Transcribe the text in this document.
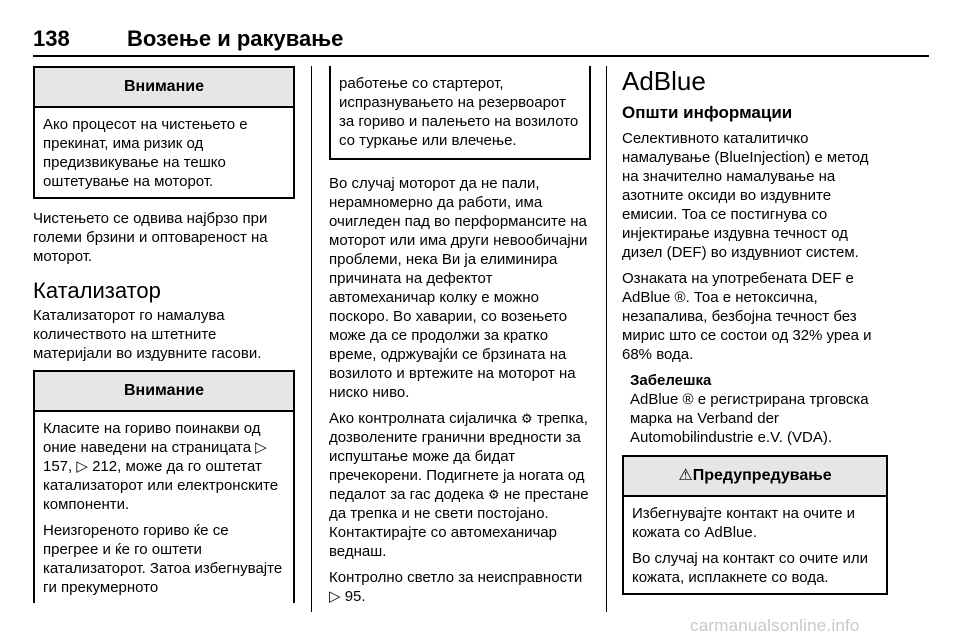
138	Возење и ракување
Внимание

Ако процесот на чистењето е прекинат, има ризик од предизвикување на тешко оштетување на моторот.

Чистењето се одвива најбрзо при големи брзини и оптовареност на моторот.

Катализатор

Катализаторот го намалува количеството на штетните материјали во издувните гасови.

Внимание

Класите на гориво поинакви од оние наведени на страницата ▷ 157, ▷ 212, може да го оштетат катализаторот или електронските компоненти.

Неизгореното гориво ќе се прегрее и ќе го оштети катализаторот. Затоа избегнувајте ги прекумерното

работење со стартерот, испразнувањето на резервоарот за гориво и палењето на возилото со туркање или влечење.

Во случај моторот да не пали, нерамномерно да работи, има очигледен пад во перформансите на моторот или има други невообичајни проблеми, нека Ви ја елиминира причината на дефектот автомеханичар колку е можно поскоро. Во хаварии, со возењето може да се продолжи за кратко време, одржувајќи се брзината на возилото и вртежите на моторот на ниско ниво.

Ако контролната сијаличка ⚙ трепка, дозволените гранични вредности за испуштање може да бидат пречекорени. Подигнете ја ногата од педалот за гас додека ⚙ не престане да трепка и не свети постојано. Контактирајте со автомеханичар веднаш.

Контролно светло за неисправности ▷ 95.

AdBlue
Општи информации

Селективното каталитичко намалување (BlueInjection) е метод на значително намалување на азотните оксиди во издувните емисии. Тоа се постигнува со инјектирање издувна течност од дизел (DEF) во издувниот систем.

Ознаката на употребената DEF е AdBlue ®. Тоа е нетоксична, незапалива, безбојна течност без мирис што се состои од 32% уреа и 68% вода.

Забелешка
AdBlue ® е регистрирана трговска марка на Verband der Automobilindustrie e.V. (VDA).
⚠Предупредување

Избегнувајте контакт на очите и кожата со AdBlue.

Во случај на контакт со очите или кожата, исплакнете со вода.

carmanualsonline.info
